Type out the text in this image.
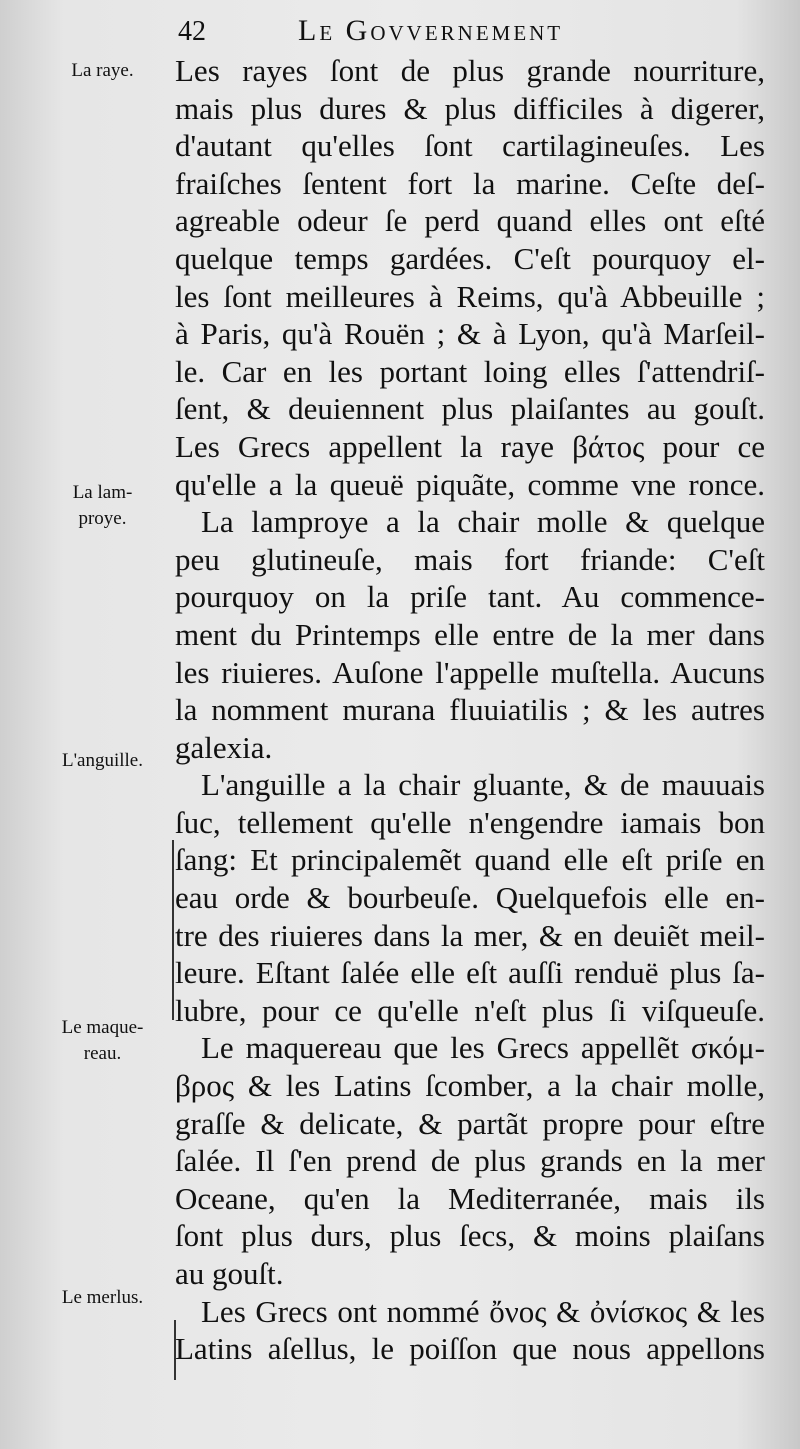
42	Le Govvernement
La raye.
La lam-
proye.
L'anguille.
Le maque-
reau.
Le merlus.
Les rayes ſont de plus grande nourriture,
mais plus dures & plus difficiles à digerer,
d'autant qu'elles ſont cartilagineuſes. Les
fraiſches ſentent fort la marine. Ceſte deſ-
agreable odeur ſe perd quand elles ont eſté
quelque temps gardées. C'eſt pourquoy el-
les ſont meilleures à Reims, qu'à Abbeuille ;
à Paris, qu'à Rouën ; & à Lyon, qu'à Marſeil-
le. Car en les portant loing elles ſ'attendriſ-
ſent, & deuiennent plus plaiſantes au gouſt.
Les Grecs appellent la raye βάτος pour ce
qu'elle a la queuë piquãte, comme vne ronce.
La lamproye a la chair molle & quelque
peu glutineuſe, mais fort friande: C'eſt
pourquoy on la priſe tant. Au commence-
ment du Printemps elle entre de la mer dans
les riuieres. Auſone l'appelle muſtella. Aucuns
la nomment murana fluuiatilis ; & les autres
galexia.
L'anguille a la chair gluante, & de mauuais
ſuc, tellement qu'elle n'engendre iamais bon
ſang: Et principalemẽt quand elle eſt priſe en
eau orde & bourbeuſe. Quelquefois elle en-
tre des riuieres dans la mer, & en deuiẽt meil-
leure. Eſtant ſalée elle eſt auſſi renduë plus ſa-
lubre, pour ce qu'elle n'eſt plus ſi viſqueuſe.
Le maquereau que les Grecs appellẽt σκόμ-
βρος & les Latins ſcomber, a la chair molle,
graſſe & delicate, & partãt propre pour eſtre
ſalée. Il ſ'en prend de plus grands en la mer
Oceane, qu'en la Mediterranée, mais ils
ſont plus durs, plus ſecs, & moins plaiſans
au gouſt.
Les Grecs ont nommé ὄνος & ὀνίσκος & les
Latins aſellus, le poiſſon que nous appellons
